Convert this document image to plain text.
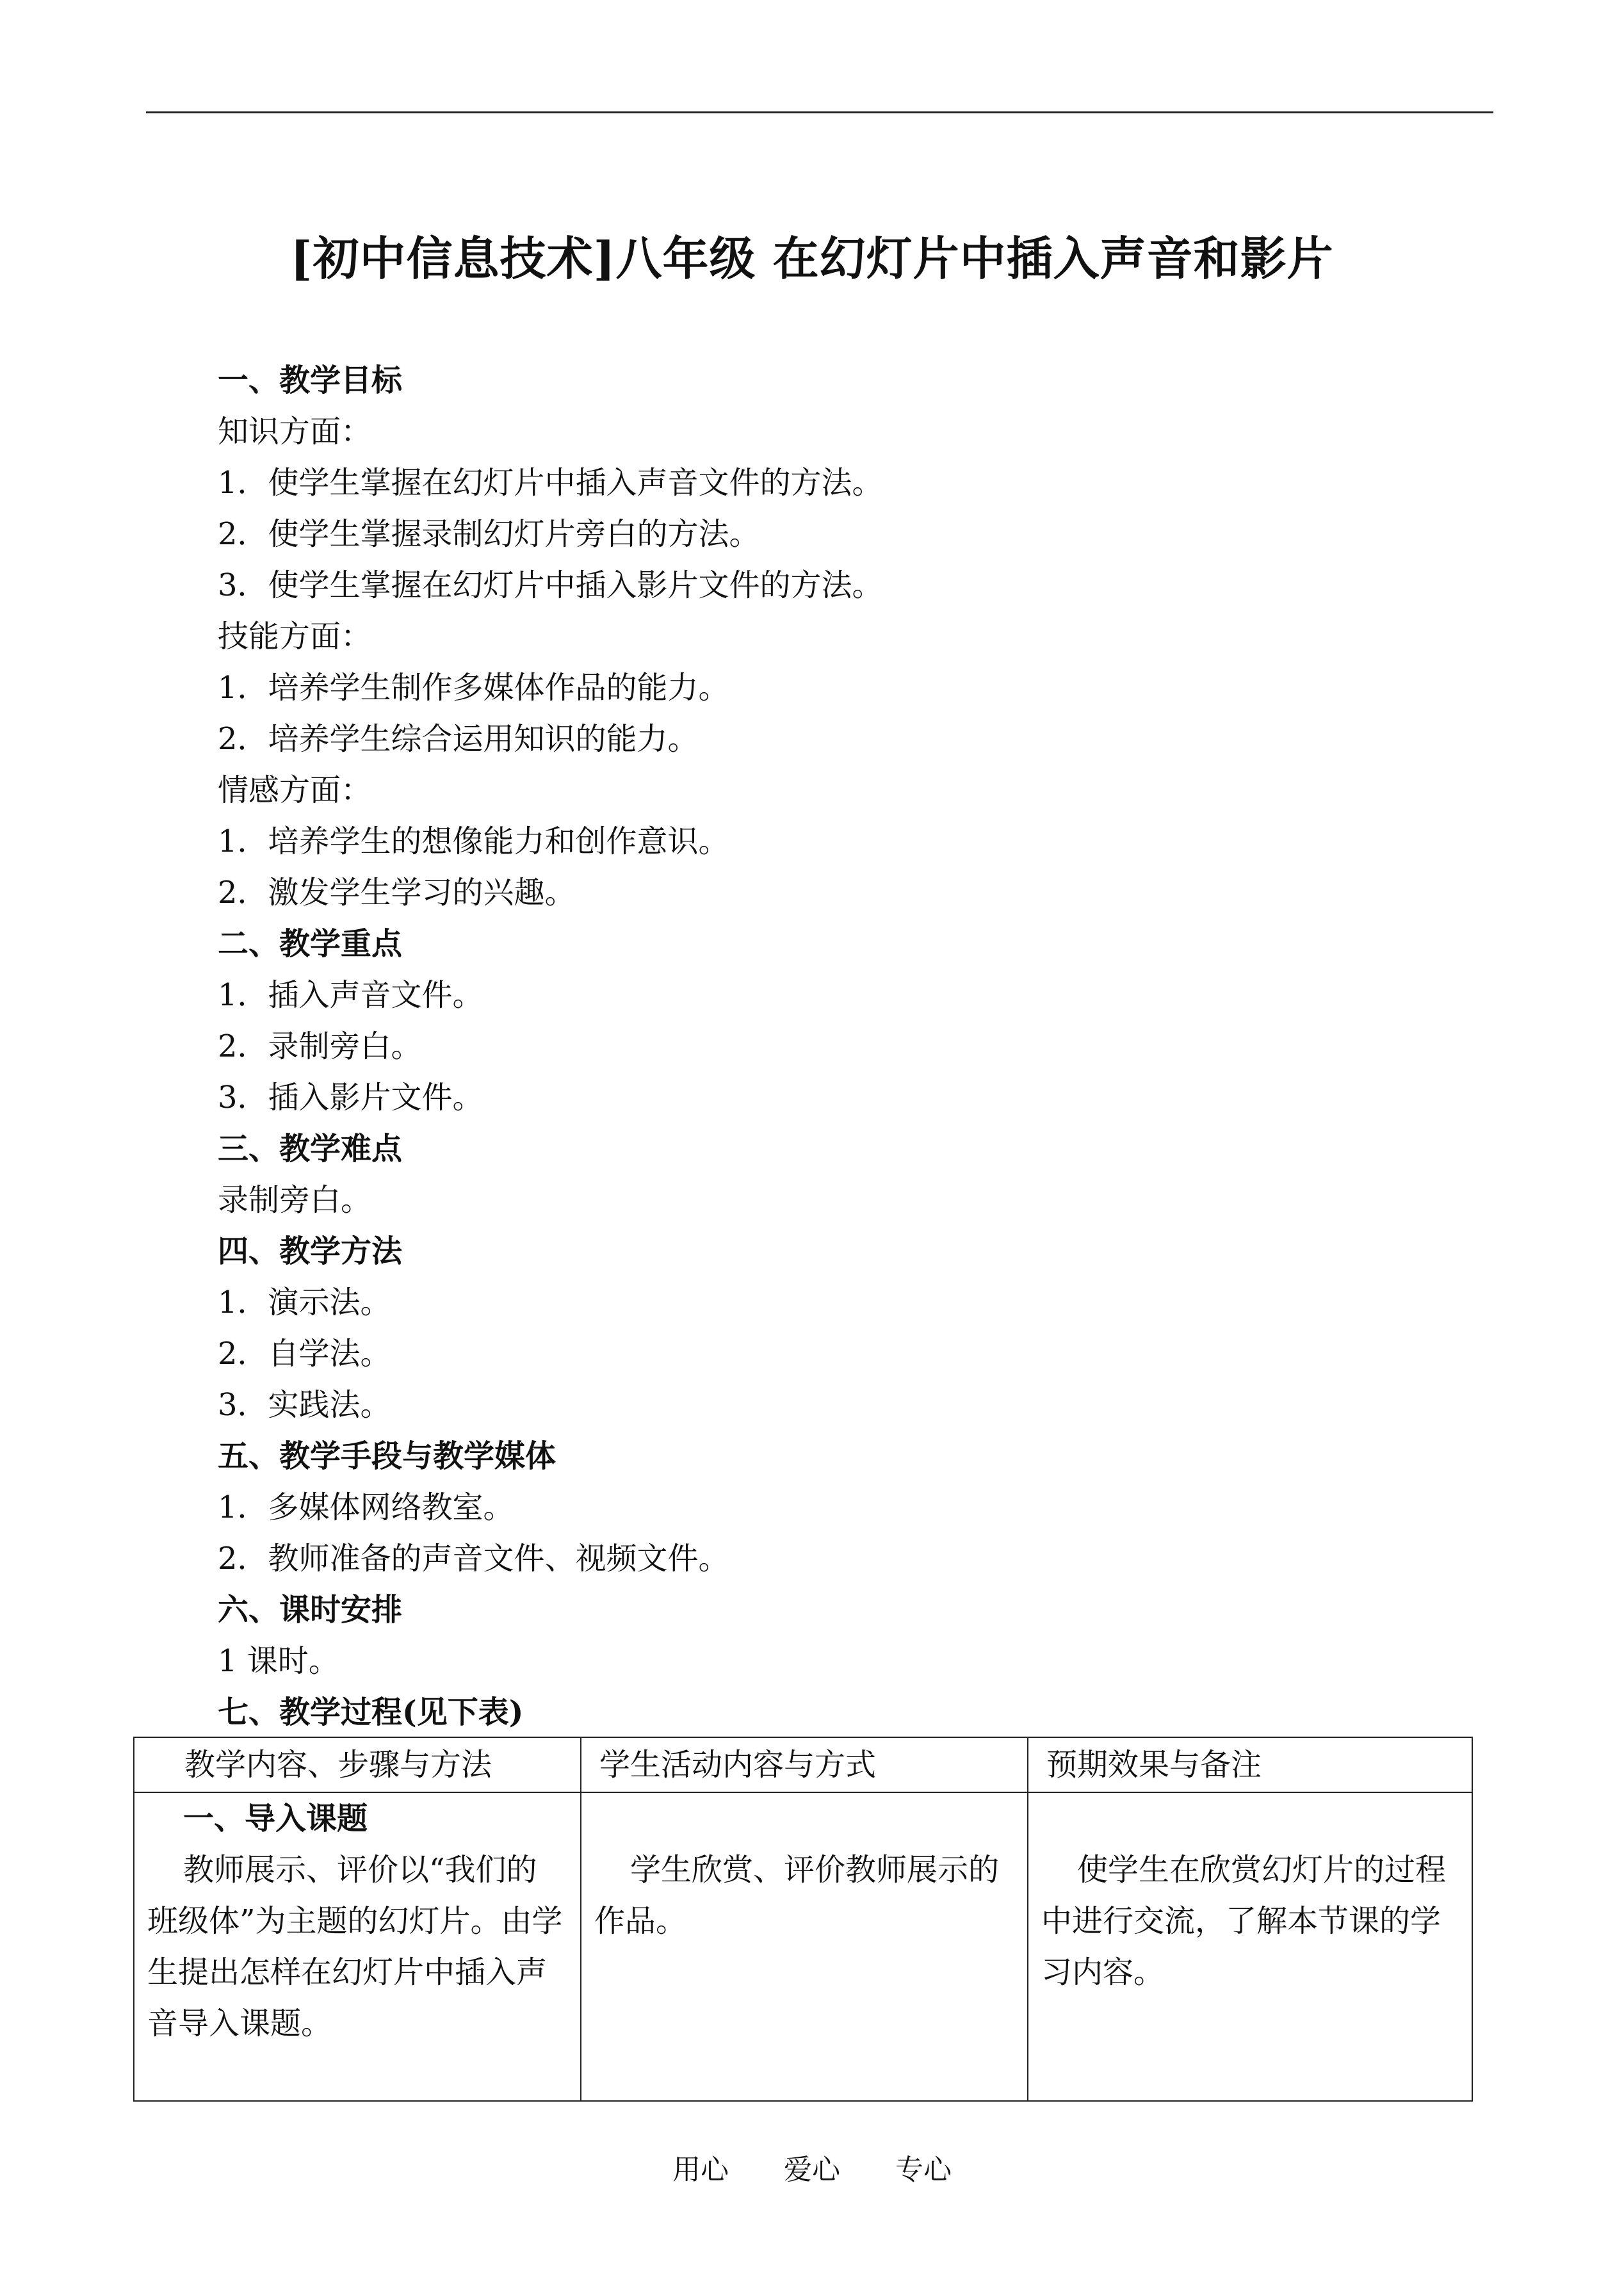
[初中信息技术]八年级 在幻灯片中插入声音和影片
一、教学目标
知识方面：
1．使学生掌握在幻灯片中插入声音文件的方法。
2．使学生掌握录制幻灯片旁白的方法。
3．使学生掌握在幻灯片中插入影片文件的方法。
技能方面：
1．培养学生制作多媒体作品的能力。
2．培养学生综合运用知识的能力。
情感方面：
1．培养学生的想像能力和创作意识。
2．激发学生学习的兴趣。
二、教学重点
1．插入声音文件。
2．录制旁白。
3．插入影片文件。
三、教学难点
录制旁白。
四、教学方法
1．演示法。
2．自学法。
3．实践法。
五、教学手段与教学媒体
1．多媒体网络教室。
2．教师准备的声音文件、视频文件。
六、课时安排
1 课时。
七、教学过程(见下表)
教学内容、步骤与方法	学生活动内容与方式	预期效果与备注

一、导入课题
教师展示、评价以“我们的班级体”为主题的幻灯片。由学生提出怎样在幻灯片中插入声音导入课题。	学生欣赏、评价教师展示的作品。	使学生在欣赏幻灯片的过程中进行交流，了解本节课的学习内容。
用心 爱心 专心
